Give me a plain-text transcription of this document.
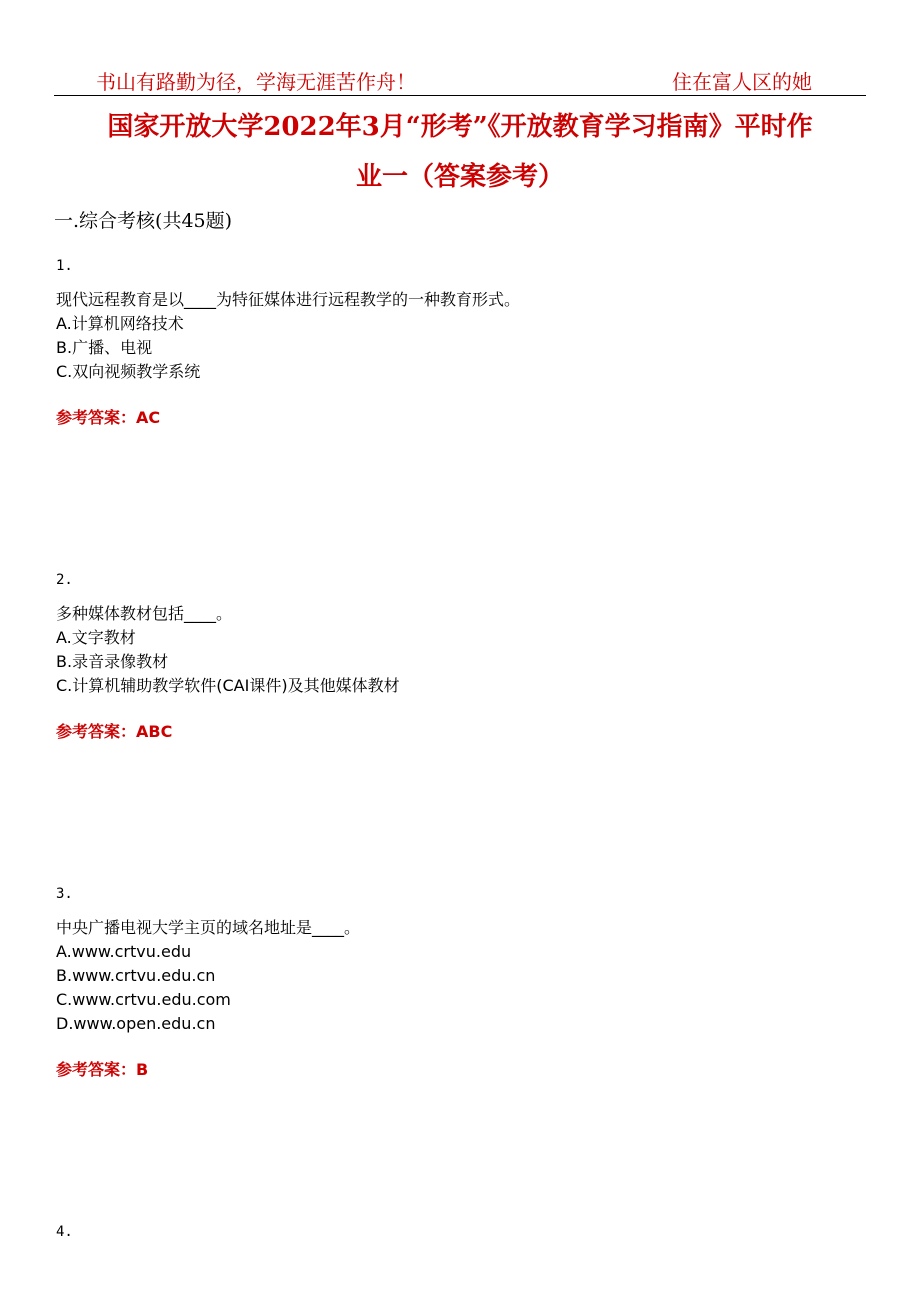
书山有路勤为径，学海无涯苦作舟！	住在富人区的她
国家开放大学2022年3月“形考”《开放教育学习指南》平时作
业一（答案参考）
一.综合考核(共45题)
1.
现代远程教育是以____为特征媒体进行远程教学的一种教育形式。
A.计算机网络技术
B.广播、电视
C.双向视频教学系统
参考答案：AC
2.
多种媒体教材包括____。
A.文字教材
B.录音录像教材
C.计算机辅助教学软件(CAI课件)及其他媒体教材
参考答案：ABC
3.
中央广播电视大学主页的域名地址是____。
A.www.crtvu.edu
B.www.crtvu.edu.cn
C.www.crtvu.edu.com
D.www.open.edu.cn
参考答案：B
4.
